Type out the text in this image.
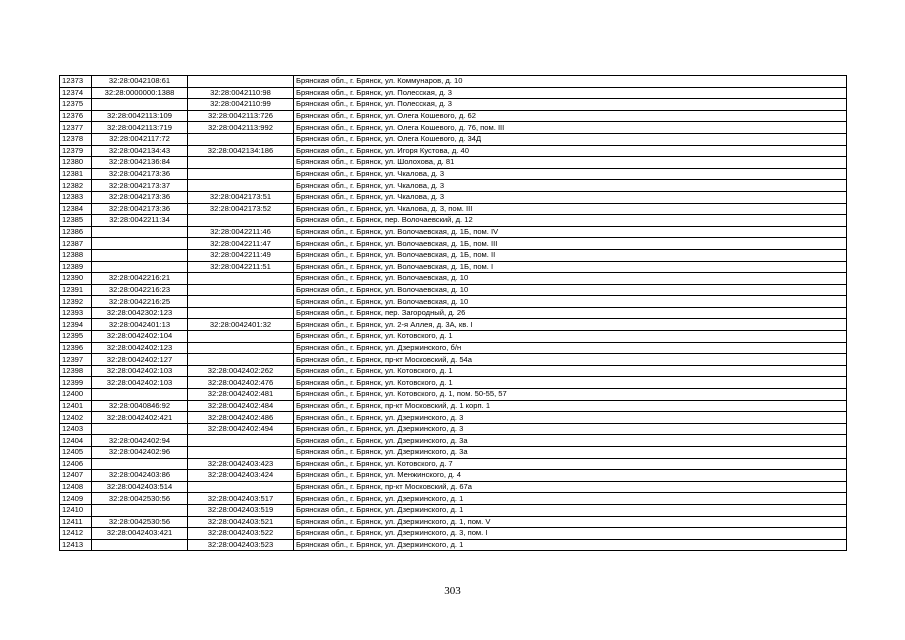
12373	32:28:0042108:61		Брянская обл., г. Брянск, ул. Коммунаров, д. 10
12374	32:28:0000000:1388	32:28:0042110:98	Брянская обл., г. Брянск, ул. Полесская, д. 3
12375		32:28:0042110:99	Брянская обл., г. Брянск, ул. Полесская, д. 3
12376	32:28:0042113:109	32:28:0042113:726	Брянская обл., г. Брянск, ул. Олега Кошевого, д. 62
12377	32:28:0042113:719	32:28:0042113:992	Брянская обл., г. Брянск, ул. Олега Кошевого, д. 76, пом. III
12378	32:28:0042117:72		Брянская обл., г. Брянск, ул. Олега Кошевого, д. 34Д
12379	32:28:0042134:43	32:28:0042134:186	Брянская обл., г. Брянск, ул. Игоря Кустова, д. 40
12380	32:28:0042136:84		Брянская обл., г. Брянск, ул. Шолохова, д. 81
12381	32:28:0042173:36		Брянская обл., г. Брянск, ул. Чкалова, д. 3
12382	32:28:0042173:37		Брянская обл., г. Брянск, ул. Чкалова, д. 3
12383	32:28:0042173:36	32:28:0042173:51	Брянская обл., г. Брянск, ул. Чкалова, д. 3
12384	32:28:0042173:36	32:28:0042173:52	Брянская обл., г. Брянск, ул. Чкалова, д. 3, пом. III
12385	32:28:0042211:34		Брянская обл., г. Брянск, пер. Волочаевский, д. 12
12386		32:28:0042211:46	Брянская обл., г. Брянск, ул. Волочаевская, д. 1Б, пом. IV
12387		32:28:0042211:47	Брянская обл., г. Брянск, ул. Волочаевская, д. 1Б, пом. III
12388		32:28:0042211:49	Брянская обл., г. Брянск, ул. Волочаевская, д. 1Б, пом. II
12389		32:28:0042211:51	Брянская обл., г. Брянск, ул. Волочаевская, д. 1Б, пом. I
12390	32:28:0042216:21		Брянская обл., г. Брянск, ул. Волочаевская, д. 10
12391	32:28:0042216:23		Брянская обл., г. Брянск, ул. Волочаевская, д. 10
12392	32:28:0042216:25		Брянская обл., г. Брянск, ул. Волочаевская, д. 10
12393	32:28:0042302:123		Брянская обл., г. Брянск, пер. Загородный, д. 26
12394	32:28:0042401:13	32:28:0042401:32	Брянская обл., г. Брянск, ул. 2-я Аллея, д. 3А, кв. I
12395	32:28:0042402:104		Брянская обл., г. Брянск, ул. Котовского, д. 1
12396	32:28:0042402:123		Брянская обл., г. Брянск, ул. Дзержинского, б/н
12397	32:28:0042402:127		Брянская обл., г. Брянск, пр-кт Московский, д. 54а
12398	32:28:0042402:103	32:28:0042402:262	Брянская обл., г. Брянск, ул. Котовского, д. 1
12399	32:28:0042402:103	32:28:0042402:476	Брянская обл., г. Брянск, ул. Котовского, д. 1
12400		32:28:0042402:481	Брянская обл., г. Брянск, ул. Котовского, д. 1, пом. 50-55, 57
12401	32:28:0040846:92	32:28:0042402:484	Брянская обл., г. Брянск, пр-кт Московский, д. 1 корп. 1
12402	32:28:0042402:421	32:28:0042402:486	Брянская обл., г. Брянск, ул. Дзержинского, д. 3
12403		32:28:0042402:494	Брянская обл., г. Брянск, ул. Дзержинского, д. 3
12404	32:28:0042402:94		Брянская обл., г. Брянск, ул. Дзержинского, д. 3а
12405	32:28:0042402:96		Брянская обл., г. Брянск, ул. Дзержинского, д. 3а
12406		32:28:0042403:423	Брянская обл., г. Брянск, ул. Котовского, д. 7
12407	32:28:0042403:86	32:28:0042403:424	Брянская обл., г. Брянск, ул. Менжинского, д. 4
12408	32:28:0042403:514		Брянская обл., г. Брянск, пр-кт Московский, д. 67а
12409	32:28:0042530:56	32:28:0042403:517	Брянская обл., г. Брянск, ул. Дзержинского, д. 1
12410		32:28:0042403:519	Брянская обл., г. Брянск, ул. Дзержинского, д. 1
12411	32:28:0042530:56	32:28:0042403:521	Брянская обл., г. Брянск, ул. Дзержинского, д. 1, пом. V
12412	32:28:0042403:421	32:28:0042403:522	Брянская обл., г. Брянск, ул. Дзержинского, д. 3, пом. I
12413		32:28:0042403:523	Брянская обл., г. Брянск, ул. Дзержинского, д. 1
303
